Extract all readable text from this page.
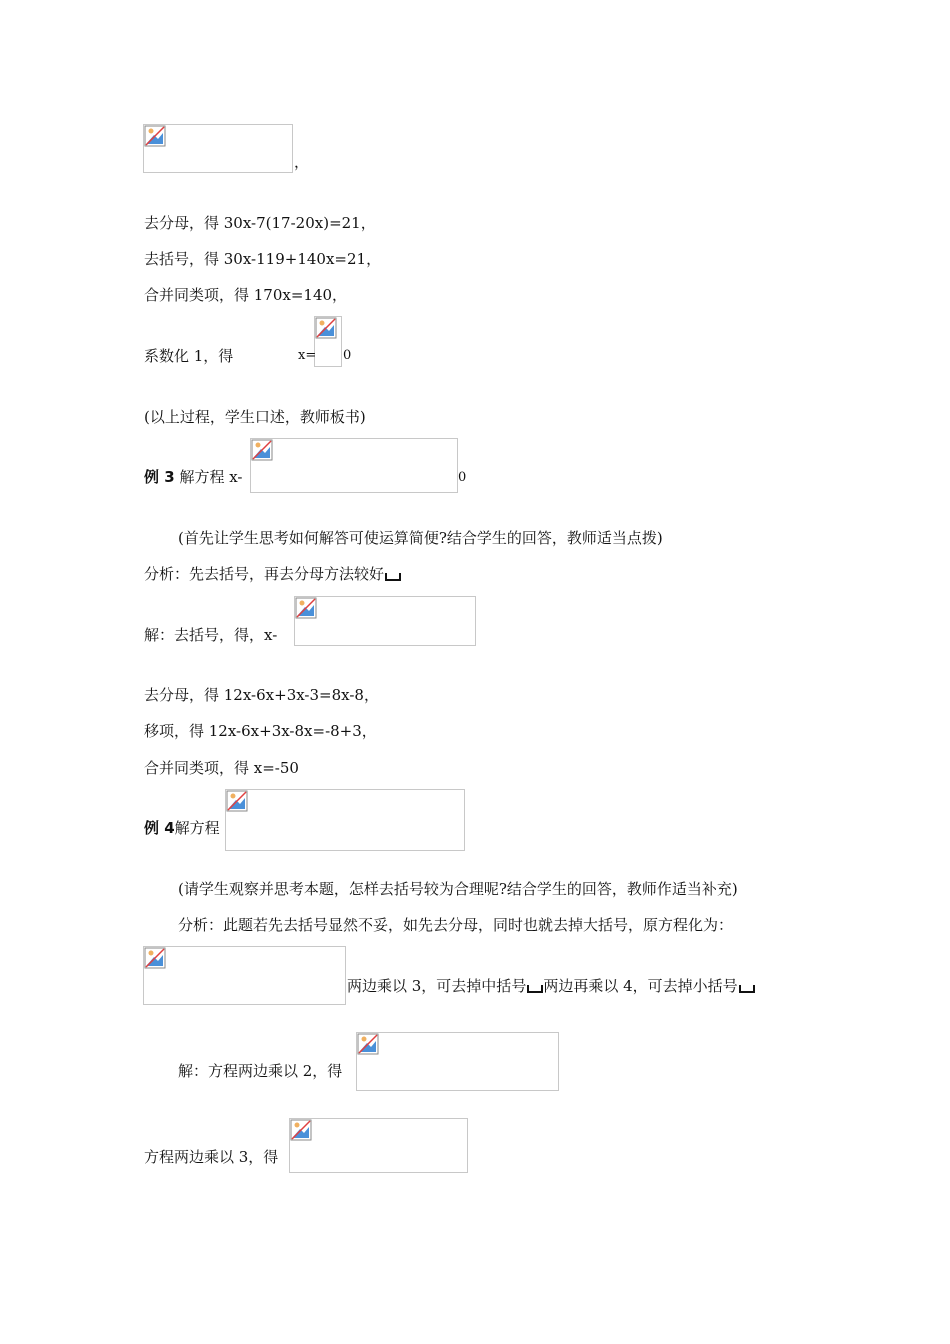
，
去分母，得 30x-7(17-20x)=21，
去括号，得 30x-119+140x=21，
合并同类项，得 170x=140，
系数化 1，得	x= 0
(以上过程，学生口述，教师板书)
例 3 解方程 x-	0
(首先让学生思考如何解答可使运算简便?结合学生的回答，教师适当点拨)
分析：先去括号，再去分母方法较好
解：去括号，得，x-
去分母，得 12x-6x+3x-3=8x-8，
移项，得 12x-6x+3x-8x=-8+3，
合并同类项，得 x=-50
例 4解方程
(请学生观察并思考本题，怎样去括号较为合理呢?结合学生的回答，教师作适当补充)
分析：此题若先去括号显然不妥，如先去分母，同时也就去掉大括号，原方程化为：
两边乘以 3，可去掉中括号 两边再乘以 4，可去掉小括号
解：方程两边乘以 2，得
方程两边乘以 3，得
